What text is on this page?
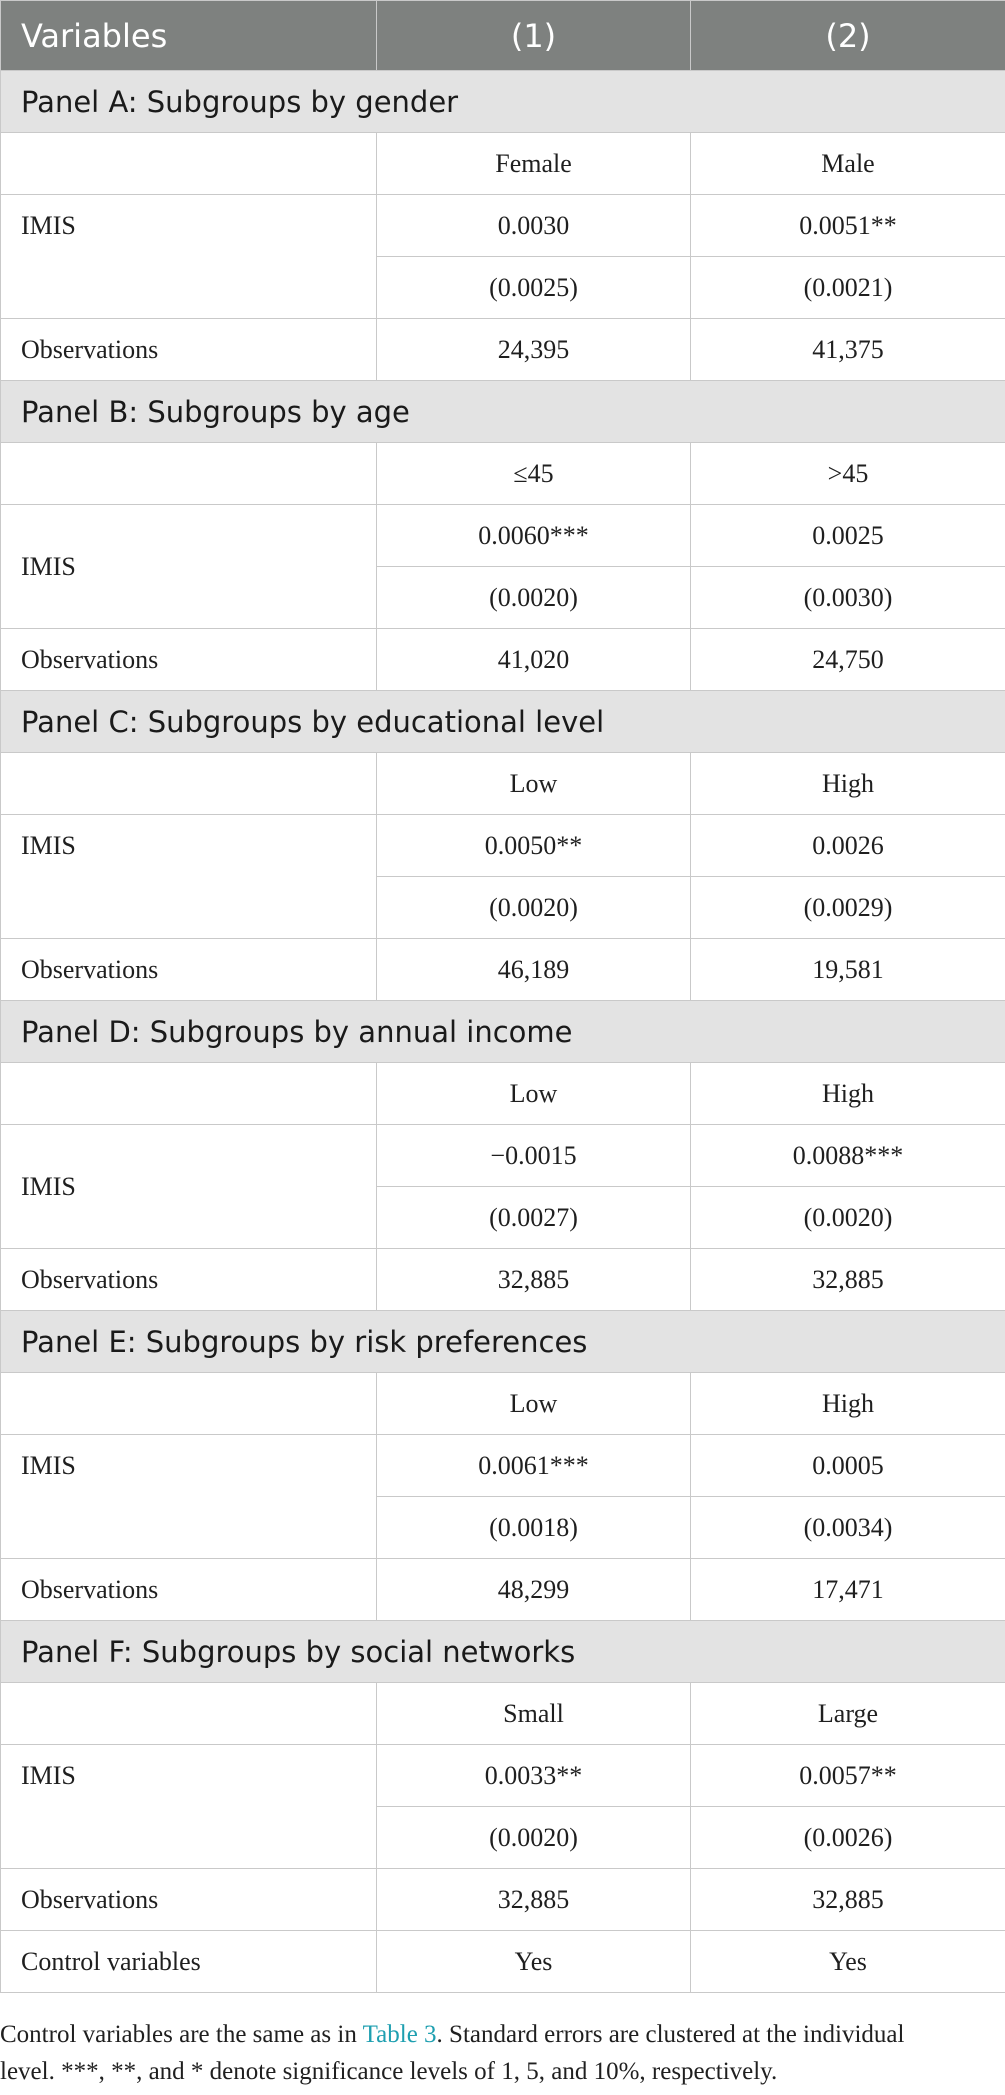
Variables	(1)	(2)
Panel A: Subgroups by gender		
	Female	Male
IMIS	0.0030	0.0051**
	(0.0025)	(0.0021)
Observations	24,395	41,375
Panel B: Subgroups by age		
	≤45	>45
IMIS	0.0060***	0.0025
	(0.0020)	(0.0030)
Observations	41,020	24,750
Panel C: Subgroups by educational level		
	Low	High
IMIS	0.0050**	0.0026
	(0.0020)	(0.0029)
Observations	46,189	19,581
Panel D: Subgroups by annual income		
	Low	High
IMIS	−0.0015	0.0088***
	(0.0027)	(0.0020)
Observations	32,885	32,885
Panel E: Subgroups by risk preferences		
	Low	High
IMIS	0.0061***	0.0005
	(0.0018)	(0.0034)
Observations	48,299	17,471
Panel F: Subgroups by social networks		
	Small	Large
IMIS	0.0033**	0.0057**
	(0.0020)	(0.0026)
Observations	32,885	32,885
Control variables	Yes	Yes
Control variables are the same as in Table 3. Standard errors are clustered at the individual
level. ***, **, and * denote significance levels of 1, 5, and 10%, respectively.
